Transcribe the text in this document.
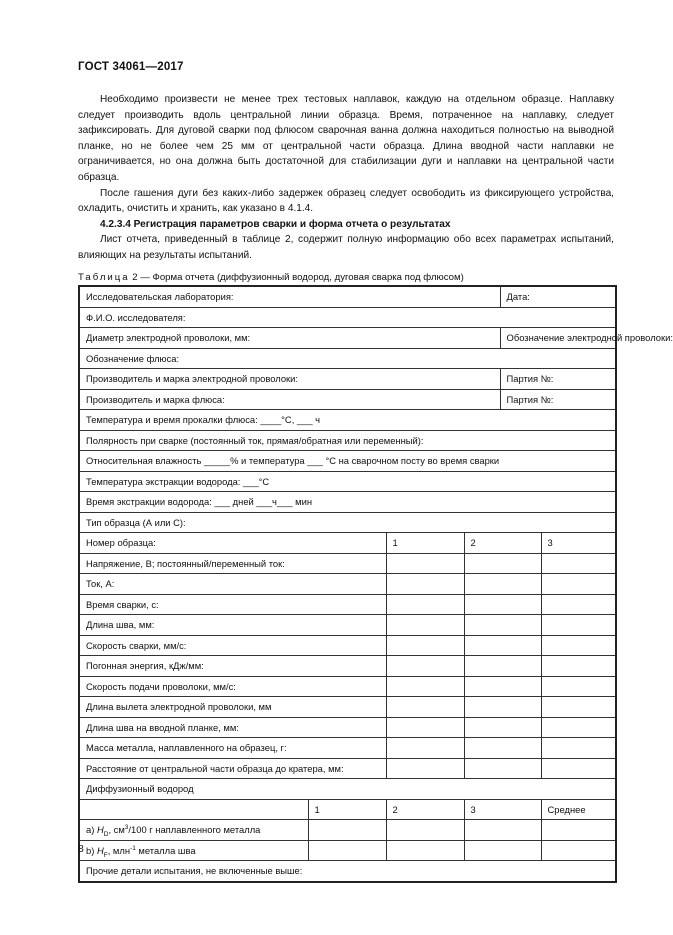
ГОСТ 34061—2017

Необходимо произвести не менее трех тестовых наплавок, каждую на отдельном образце. Наплавку следует производить вдоль центральной линии образца. Время, потраченное на наплавку, следует зафиксировать. Для дуговой сварки под флюсом сварочная ванна должна находиться полностью на выводной планке, но не более чем 25 мм от центральной части образца. Длина вводной части наплавки не ограничивается, но она должна быть достаточной для стабилизации дуги и наплавки на центральной части образца.

После гашения дуги без каких-либо задержек образец следует освободить из фиксирующего устройства, охладить, очистить и хранить, как указано в 4.1.4.

4.2.3.4 Регистрация параметров сварки и форма отчета о результатах

Лист отчета, приведенный в таблице 2, содержит полную информацию обо всех параметрах испытаний, влияющих на результаты испытаний.

Таблица 2 — Форма отчета (диффузионный водород, дуговая сварка под флюсом)
Исследовательская лаборатория:				Дата:	
Ф.И.О. исследователя:					
Диаметр электродной проволоки, мм:				Обозначение электродной проволоки:	
Обозначение флюса:					
Производитель и марка электродной проволоки:				Партия №:	
Производитель и марка флюса:				Партия №:	
Температура и время прокалки флюса: ____°С, ___ ч					
Полярность при сварке (постоянный ток, прямая/обратная или переменный):					
Относительная влажность _____% и температура ___ °С на сварочном посту во время сварки					
Температура экстракции водорода: ___°С					
Время экстракции водорода: ___ дней ___ч___ мин					
Тип образца (А или С):					
Номер образца:		1	2		3
Напряжение, В; постоянный/переменный ток:					
Ток, А:					
Время сварки, с:					
Длина шва, мм:					
Скорость сварки, мм/с:					
Погонная энергия, кДж/мм:					
Скорость подачи проволоки, мм/с:					
Длина вылета электродной проволоки, мм					
Длина шва на вводной планке, мм:					
Масса металла, наплавленного на образец, г:					
Расстояние от центральной части образца до кратера, мм:					
Диффузионный водород					
	1	2	3		Среднее
а) $H_D$, $см^3/100$ г наплавленного металла					
b) $H_F$, млн$^{-1}$ металла шва					
Прочие детали испытания, не включенные выше:					
8
